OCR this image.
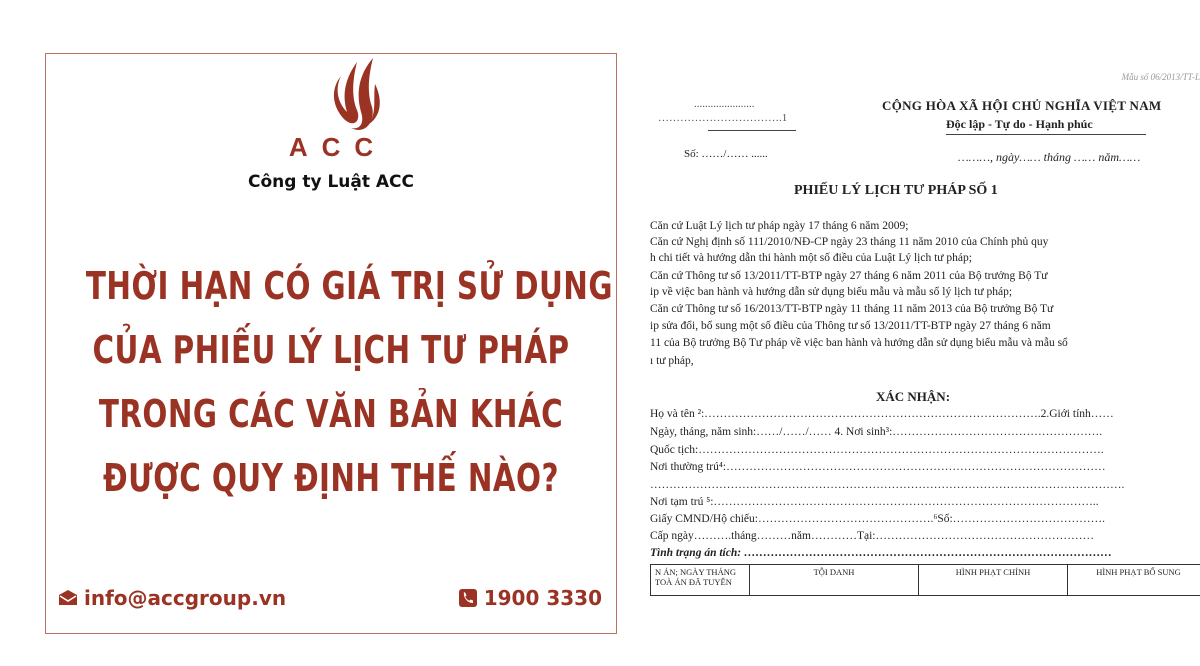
ACC
Công ty Luật ACC
THỜI HẠN CÓ GIÁ TRỊ SỬ DỤNG
CỦA PHIẾU LÝ LỊCH TƯ PHÁP
TRONG CÁC VĂN BẢN KHÁC
ĐƯỢC QUY ĐỊNH THẾ NÀO?
info@accgroup.vn	1900 3330
Mẫu số 06/2013/TT-L
......................
…………………………….1
Số: ……/…… ......
CỘNG HÒA XÃ HỘI CHỦ NGHĨA VIỆT NAM
Độc lập - Tự do - Hạnh phúc
………, ngày…… tháng …… năm……
PHIẾU LÝ LỊCH TƯ PHÁP SỐ 1
Căn cứ Luật Lý lịch tư pháp ngày 17 tháng 6 năm 2009;
Căn cứ Nghị định số 111/2010/NĐ-CP ngày 23 tháng 11 năm 2010 của Chính phủ quy
h chi tiết và hướng dẫn thi hành một số điều của Luật Lý lịch tư pháp;
Căn cứ Thông tư số 13/2011/TT-BTP ngày 27 tháng 6 năm 2011 của Bộ trưởng Bộ Tư
ip về việc ban hành và hướng dẫn sử dụng biểu mẫu và mẫu sổ lý lịch tư pháp;
Căn cứ Thông tư số 16/2013/TT-BTP ngày 11 tháng 11 năm 2013 của Bộ trưởng Bộ Tư
ip sửa đổi, bổ sung một số điều của Thông tư số 13/2011/TT-BTP ngày 27 tháng 6 năm
11 của Bộ trưởng Bộ Tư pháp về việc ban hành và hướng dẫn sử dụng biểu mẫu và mẫu sổ
ı tư pháp,
XÁC NHẬN:
Họ và tên ²:…………………………………………………………………………….2.Giới tính……
Ngày, tháng, năm sinh:……/……/…… 4. Nơi sinh³:……………………………………………….
Quốc tịch:…………………………………………………………………………………………….
Nơi thường trú⁴:………………………………………………………………………………………
…………………………………………………………………………………………………………….
Nơi tạm trú ⁵:………………………………………………………………………………………..
Giấy CMND/Hộ chiếu:……………………………………….⁶Số:………………………………….
Cấp ngày……….tháng………năm…………Tại:…………………………………………………
Tình trạng án tích: ……………………………………………………………………………………
N ÁN; NGÀY THÁNG TOÀ ÁN ĐÃ TUYÊN	TỘI DANH	HÌNH PHẠT CHÍNH	HÌNH PHẠT BỔ SUNG
